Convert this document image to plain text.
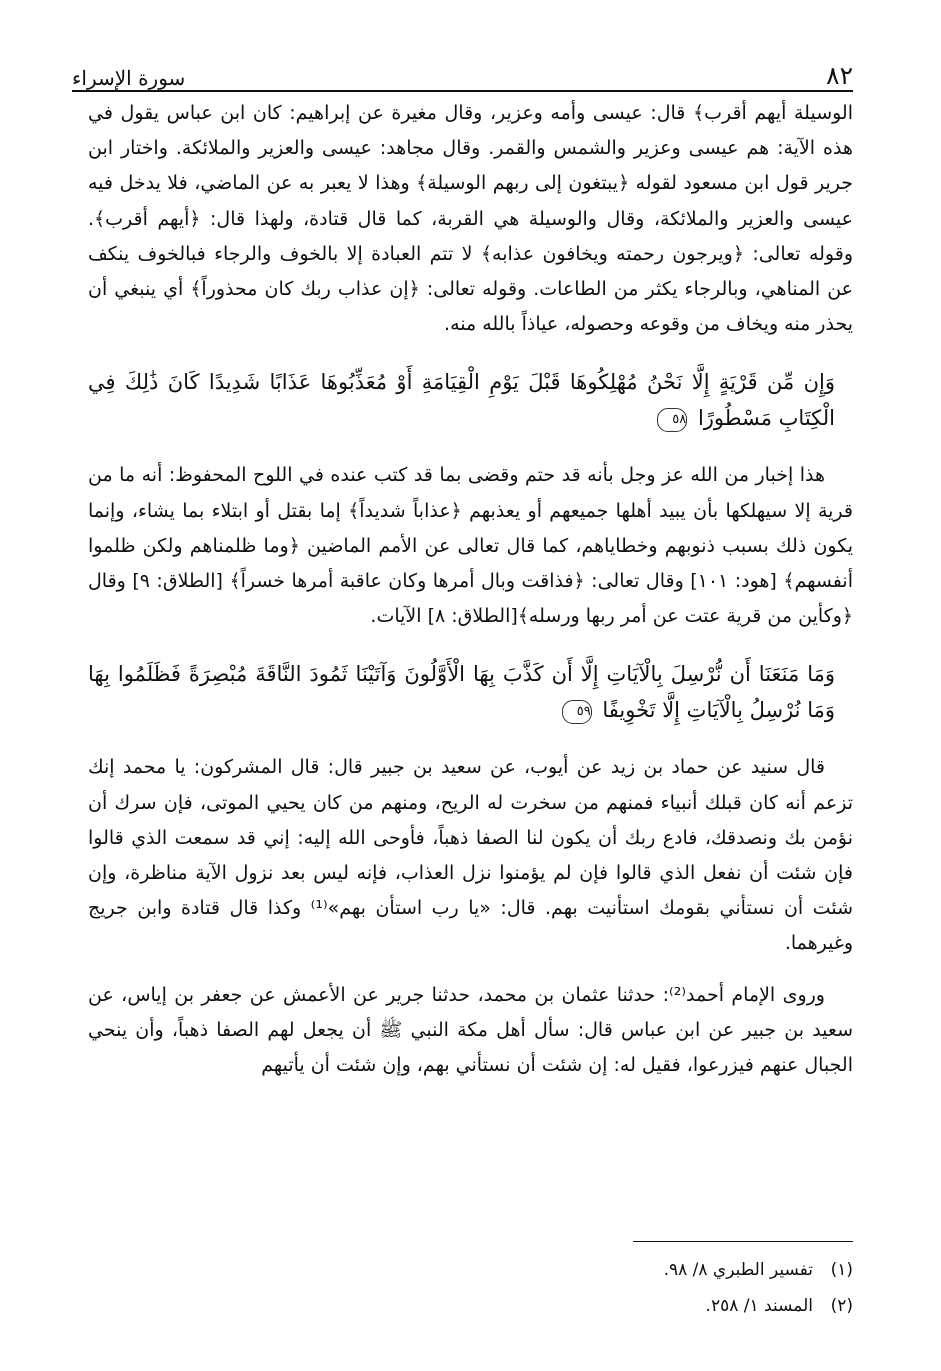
٨٢
سورة الإسراء

الوسيلة أيهم أقرب﴾ قال: عيسى وأمه وعزير، وقال مغيرة عن إبراهيم: كان ابن عباس يقول في هذه الآية: هم عيسى وعزير والشمس والقمر. وقال مجاهد: عيسى والعزير والملائكة. واختار ابن جرير قول ابن مسعود لقوله ﴿يبتغون إلى ربهم الوسيلة﴾ وهذا لا يعبر به عن الماضي، فلا يدخل فيه عيسى والعزير والملائكة، وقال والوسيلة هي القربة، كما قال قتادة، ولهذا قال: ﴿أيهم أقرب﴾. وقوله تعالى: ﴿ويرجون رحمته ويخافون عذابه﴾ لا تتم العبادة إلا بالخوف والرجاء فبالخوف ينكف عن المناهي، وبالرجاء يكثر من الطاعات. وقوله تعالى: ﴿إن عذاب ربك كان محذوراً﴾ أي ينبغي أن يحذر منه ويخاف من وقوعه وحصوله، عياذاً بالله منه.

وَإِن مِّن قَرْيَةٍ إِلَّا نَحْنُ مُهْلِكُوهَا قَبْلَ يَوْمِ الْقِيَامَةِ أَوْ مُعَذِّبُوهَا عَذَابًا شَدِيدًا كَانَ ذَٰلِكَ فِي الْكِتَابِ مَسْطُورًا ٥٨

هذا إخبار من الله عز وجل بأنه قد حتم وقضى بما قد كتب عنده في اللوح المحفوظ: أنه ما من قرية إلا سيهلكها بأن يبيد أهلها جميعهم أو يعذبهم ﴿عذاباً شديداً﴾ إما بقتل أو ابتلاء بما يشاء، وإنما يكون ذلك بسبب ذنوبهم وخطاياهم، كما قال تعالى عن الأمم الماضين ﴿وما ظلمناهم ولكن ظلموا أنفسهم﴾ [هود: ١٠١] وقال تعالى: ﴿فذاقت وبال أمرها وكان عاقبة أمرها خسراً﴾ [الطلاق: ٩] وقال ﴿وكأين من قرية عتت عن أمر ربها ورسله﴾[الطلاق: ٨] الآيات.

وَمَا مَنَعَنَا أَن نُّرْسِلَ بِالْآيَاتِ إِلَّا أَن كَذَّبَ بِهَا الْأَوَّلُونَ وَآتَيْنَا ثَمُودَ النَّاقَةَ مُبْصِرَةً فَظَلَمُوا بِهَا وَمَا نُرْسِلُ بِالْآيَاتِ إِلَّا تَخْوِيفًا ٥٩

قال سنيد عن حماد بن زيد عن أيوب، عن سعيد بن جبير قال: قال المشركون: يا محمد إنك تزعم أنه كان قبلك أنبياء فمنهم من سخرت له الريح، ومنهم من كان يحيي الموتى، فإن سرك أن نؤمن بك ونصدقك، فادع ربك أن يكون لنا الصفا ذهباً، فأوحى الله إليه: إني قد سمعت الذي قالوا فإن شئت أن نفعل الذي قالوا فإن لم يؤمنوا نزل العذاب، فإنه ليس بعد نزول الآية مناظرة، وإن شئت أن نستأني بقومك استأنيت بهم. قال: «يا رب استأن بهم»⁽¹⁾ وكذا قال قتادة وابن جريج وغيرهما.

وروى الإمام أحمد⁽²⁾: حدثنا عثمان بن محمد، حدثنا جرير عن الأعمش عن جعفر بن إياس، عن سعيد بن جبير عن ابن عباس قال: سأل أهل مكة النبي ﷺ أن يجعل لهم الصفا ذهباً، وأن ينحي الجبال عنهم فيزرعوا، فقيل له: إن شئت أن نستأني بهم، وإن شئت أن يأتيهم

(١)
تفسير الطبري ٨/ ٩٨.
(٢)
المسند ١/ ٢٥٨.
